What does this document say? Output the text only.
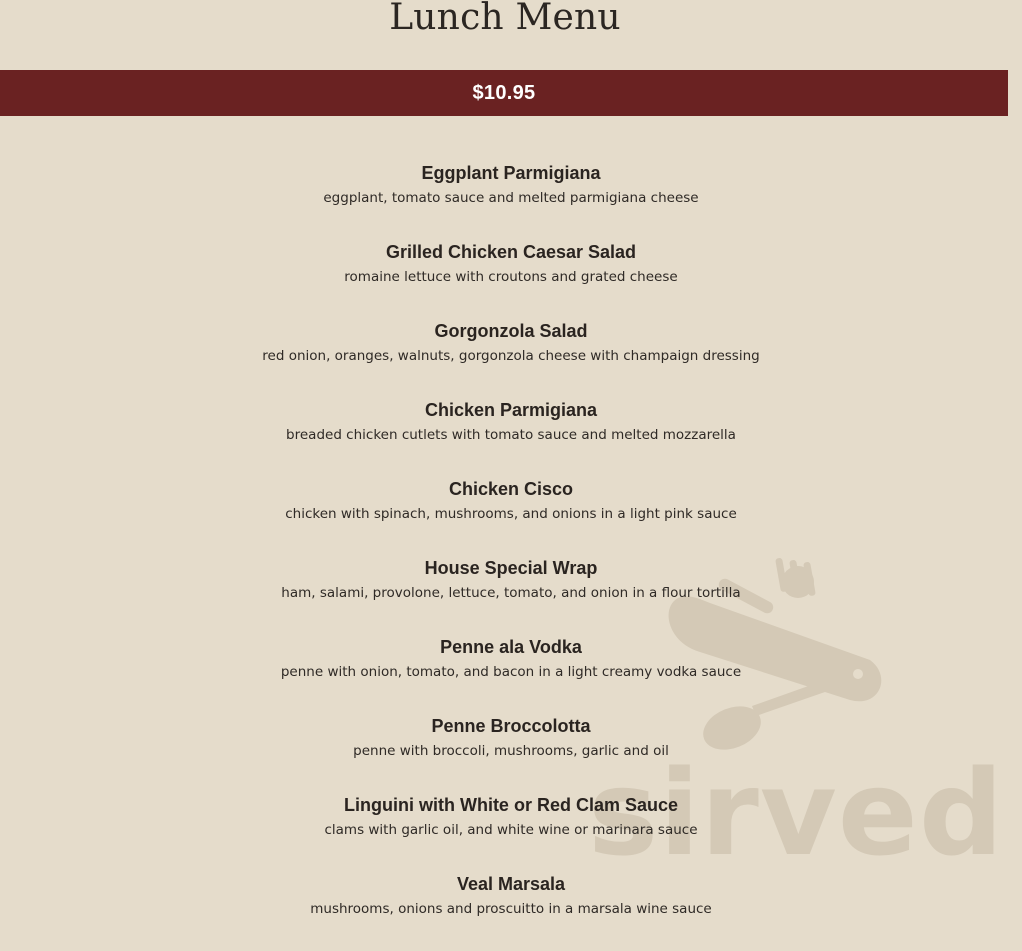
Lunch Menu
$10.95
sirved
Eggplant Parmigiana
eggplant, tomato sauce and melted parmigiana cheese
Grilled Chicken Caesar Salad
romaine lettuce with croutons and grated cheese
Gorgonzola Salad
red onion, oranges, walnuts, gorgonzola cheese with champaign dressing
Chicken Parmigiana
breaded chicken cutlets with tomato sauce and melted mozzarella
Chicken Cisco
chicken with spinach, mushrooms, and onions in a light pink sauce
House Special Wrap
ham, salami, provolone, lettuce, tomato, and onion in a flour tortilla
Penne ala Vodka
penne with onion, tomato, and bacon in a light creamy vodka sauce
Penne Broccolotta
penne with broccoli, mushrooms, garlic and oil
Linguini with White or Red Clam Sauce
clams with garlic oil, and white wine or marinara sauce
Veal Marsala
mushrooms, onions and proscuitto in a marsala wine sauce
